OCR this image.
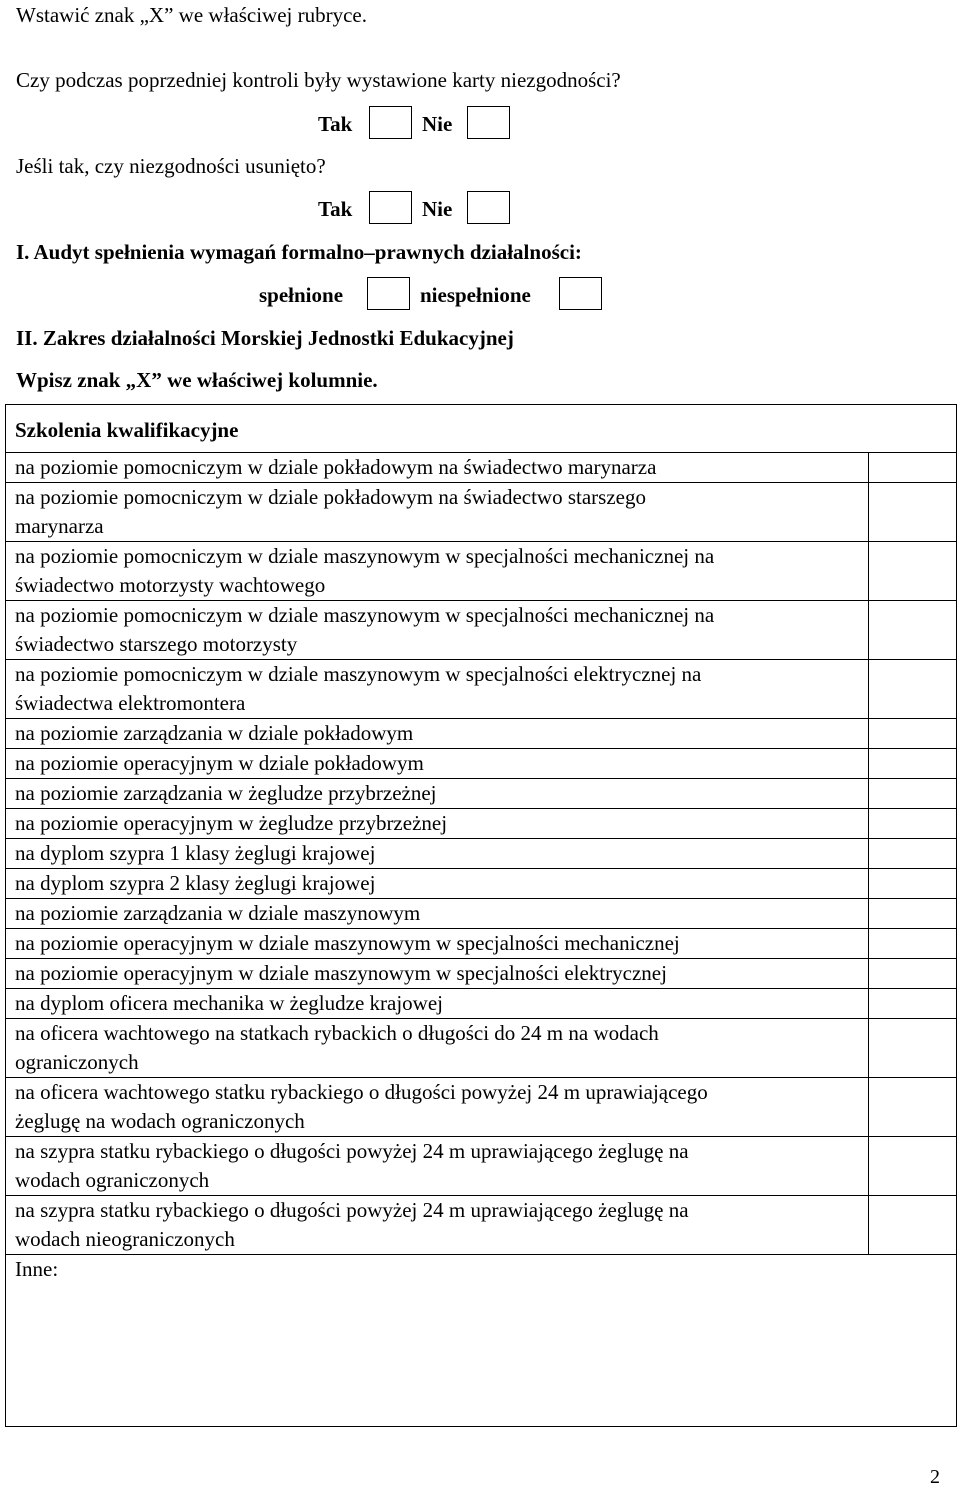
Wstawić znak „X” we właściwej rubryce.
Czy podczas poprzedniej kontroli były wystawione karty niezgodności?
Tak	Nie
Jeśli tak, czy niezgodności usunięto?
Tak	Nie
I. Audyt spełnienia wymagań formalno–prawnych działalności:
spełnione	niespełnione
II. Zakres działalności Morskiej Jednostki Edukacyjnej
Wpisz znak „X” we właściwej kolumnie.
Szkolenia kwalifikacyjne	

na poziomie pomocniczym w dziale pokładowym na świadectwo marynarza	

na poziomie pomocniczym w dziale pokładowym na świadectwo starszego
marynarza	

na poziomie pomocniczym w dziale maszynowym w specjalności mechanicznej na
świadectwo motorzysty wachtowego	

na poziomie pomocniczym w dziale maszynowym w specjalności mechanicznej na
świadectwo starszego motorzysty	

na poziomie pomocniczym w dziale maszynowym w specjalności elektrycznej na
świadectwa elektromontera	

na poziomie zarządzania w dziale pokładowym	

na poziomie operacyjnym w dziale pokładowym	

na poziomie zarządzania w żegludze przybrzeżnej	

na poziomie operacyjnym w żegludze przybrzeżnej	

na dyplom szypra 1 klasy żeglugi krajowej	

na dyplom szypra 2 klasy żeglugi krajowej	

na poziomie zarządzania w dziale maszynowym	

na poziomie operacyjnym w dziale maszynowym w specjalności mechanicznej	

na poziomie operacyjnym w dziale maszynowym w specjalności elektrycznej	

na dyplom oficera mechanika w żegludze krajowej	

na oficera wachtowego na statkach rybackich o długości do 24 m na wodach
ograniczonych	

na oficera wachtowego statku rybackiego o długości powyżej 24 m uprawiającego
żeglugę na wodach ograniczonych	

na szypra statku rybackiego o długości powyżej 24 m uprawiającego żeglugę na
wodach ograniczonych	

na szypra statku rybackiego o długości powyżej 24 m uprawiającego żeglugę na
wodach nieograniczonych	

Inne:	
2
